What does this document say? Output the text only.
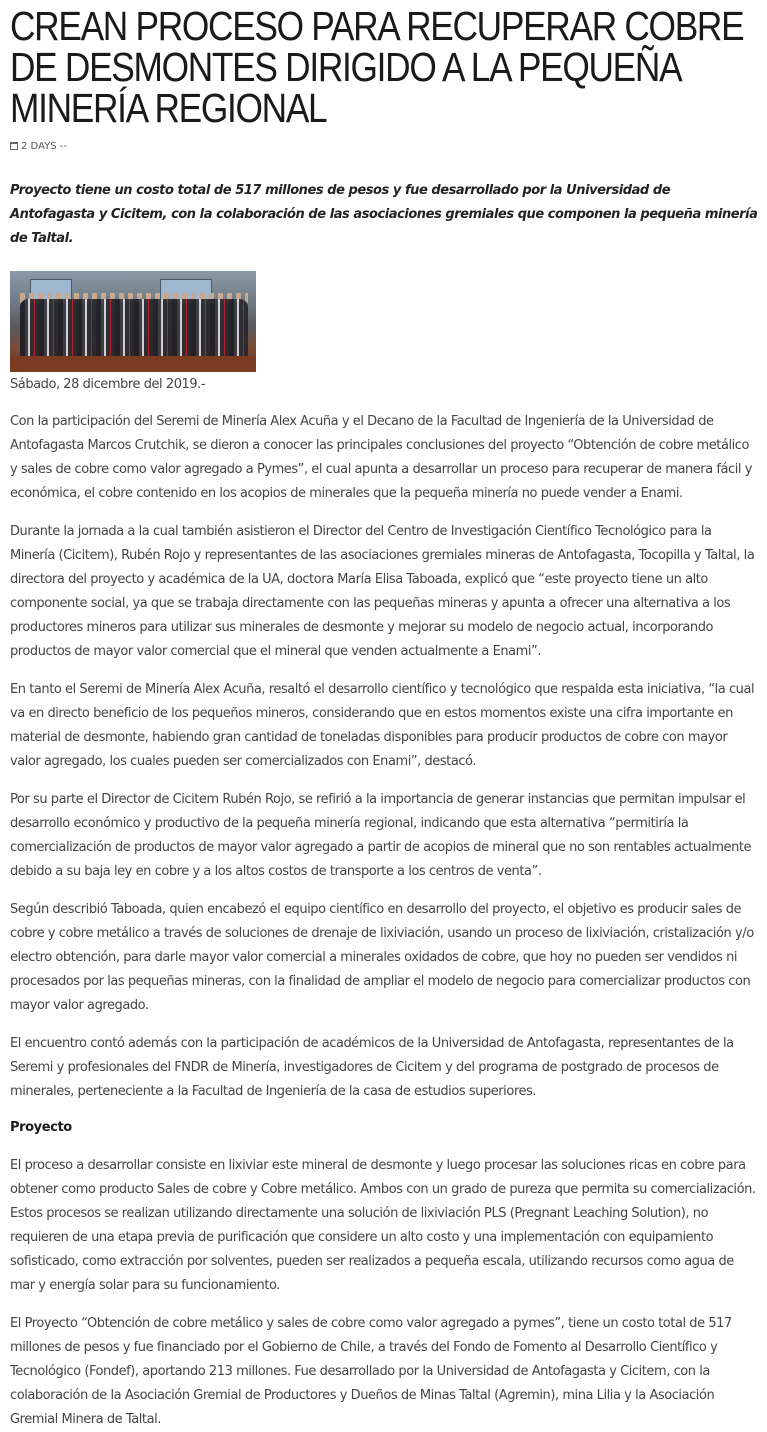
CREAN PROCESO PARA RECUPERAR COBRE DE DESMONTES DIRIGIDO A LA PEQUEÑA MINERÍA REGIONAL
2 DAYS --

Proyecto tiene un costo total de 517 millones de pesos y fue desarrollado por la Universidad de Antofagasta y Cicitem, con la colaboración de las asociaciones gremiales que componen la pequeña minería de Taltal.

Sábado, 28 dicembre del 2019.-

Con la participación del Seremi de Minería Alex Acuña y el Decano de la Facultad de Ingeniería de la Universidad de Antofagasta Marcos Crutchik, se dieron a conocer las principales conclusiones del proyecto “Obtención de cobre metálico y sales de cobre como valor agregado a Pymes”, el cual apunta a desarrollar un proceso para recuperar de manera fácil y económica, el cobre contenido en los acopios de minerales que la pequeña minería no puede vender a Enami.

Durante la jornada a la cual también asistieron el Director del Centro de Investigación Científico Tecnológico para la Minería (Cicitem), Rubén Rojo y representantes de las asociaciones gremiales mineras de Antofagasta, Tocopilla y Taltal, la directora del proyecto y académica de la UA, doctora María Elisa Taboada, explicó que “este proyecto tiene un alto componente social, ya que se trabaja directamente con las pequeñas mineras y apunta a ofrecer una alternativa a los productores mineros para utilizar sus minerales de desmonte y mejorar su modelo de negocio actual, incorporando productos de mayor valor comercial que el mineral que venden actualmente a Enami”.

En tanto el Seremi de Minería Alex Acuña, resaltó el desarrollo científico y tecnológico que respalda esta iniciativa, “la cual va en directo beneficio de los pequeños mineros, considerando que en estos momentos existe una cifra importante en material de desmonte, habiendo gran cantidad de toneladas disponibles para producir productos de cobre con mayor valor agregado, los cuales pueden ser comercializados con Enami”, destacó.

Por su parte el Director de Cicitem Rubén Rojo, se refirió a la importancia de generar instancias que permitan impulsar el desarrollo económico y productivo de la pequeña minería regional, indicando que esta alternativa “permitiría la comercialización de productos de mayor valor agregado a partir de acopios de mineral que no son rentables actualmente debido a su baja ley en cobre y a los altos costos de transporte a los centros de venta”.

Según describió Taboada, quien encabezó el equipo científico en desarrollo del proyecto, el objetivo es producir sales de cobre y cobre metálico a través de soluciones de drenaje de lixiviación, usando un proceso de lixiviación, cristalización y/o electro obtención, para darle mayor valor comercial a minerales oxidados de cobre, que hoy no pueden ser vendidos ni procesados por las pequeñas mineras, con la finalidad de ampliar el modelo de negocio para comercializar productos con mayor valor agregado.

El encuentro contó además con la participación de académicos de la Universidad de Antofagasta, representantes de la Seremi y profesionales del FNDR de Minería, investigadores de Cicitem y del programa de postgrado de procesos de minerales, perteneciente a la Facultad de Ingeniería de la casa de estudios superiores.

Proyecto

El proceso a desarrollar consiste en lixiviar este mineral de desmonte y luego procesar las soluciones ricas en cobre para obtener como producto Sales de cobre y Cobre metálico. Ambos con un grado de pureza que permita su comercialización. Estos procesos se realizan utilizando directamente una solución de lixiviación PLS (Pregnant Leaching Solution), no requieren de una etapa previa de purificación que considere un alto costo y una implementación con equipamiento sofisticado, como extracción por solventes, pueden ser realizados a pequeña escala, utilizando recursos como agua de mar y energía solar para su funcionamiento.

El Proyecto “Obtención de cobre metálico y sales de cobre como valor agregado a pymes”, tiene un costo total de 517 millones de pesos y fue financiado por el Gobierno de Chile, a través del Fondo de Fomento al Desarrollo Científico y Tecnológico (Fondef), aportando 213 millones. Fue desarrollado por la Universidad de Antofagasta y Cicitem, con la colaboración de la Asociación Gremial de Productores y Dueños de Minas Taltal (Agremin), mina Lilia y la Asociación Gremial Minera de Taltal.
